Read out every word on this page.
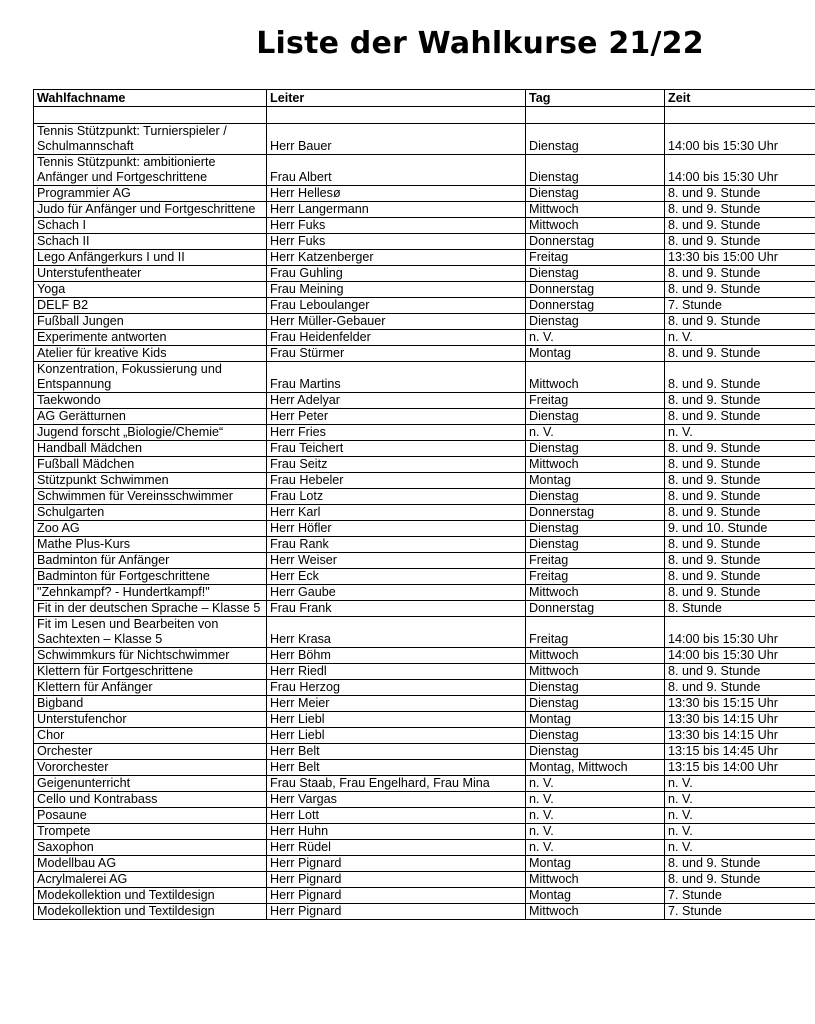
Liste der Wahlkurse 21/22
Wahlfachname	Leiter	Tag	Zeit

Tennis Stützpunkt: Turnierspieler / Schulmannschaft	Herr Bauer	Dienstag	14:00 bis 15:30 Uhr
Tennis Stützpunkt: ambitionierte Anfänger und Fortgeschrittene	Frau Albert	Dienstag	14:00 bis 15:30 Uhr
Programmier AG	Herr Hellesø	Dienstag	8. und 9. Stunde
Judo für Anfänger und Fortgeschrittene	Herr Langermann	Mittwoch	8. und 9. Stunde
Schach I	Herr Fuks	Mittwoch	8. und 9. Stunde
Schach II	Herr Fuks	Donnerstag	8. und 9. Stunde
Lego Anfängerkurs I und II	Herr Katzenberger	Freitag	13:30 bis 15:00 Uhr
Unterstufentheater	Frau Guhling	Dienstag	8. und 9. Stunde
Yoga	Frau Meining	Donnerstag	8. und 9. Stunde
DELF B2	Frau Leboulanger	Donnerstag	7. Stunde
Fußball Jungen	Herr Müller-Gebauer	Dienstag	8. und 9. Stunde
Experimente antworten	Frau Heidenfelder	n. V.	n. V.
Atelier für kreative Kids	Frau Stürmer	Montag	8. und 9. Stunde
Konzentration, Fokussierung und Entspannung	Frau Martins	Mittwoch	8. und 9. Stunde
Taekwondo	Herr Adelyar	Freitag	8. und 9. Stunde
AG Gerätturnen	Herr Peter	Dienstag	8. und 9. Stunde
Jugend forscht „Biologie/Chemie“	Herr Fries	n. V.	n. V.
Handball Mädchen	Frau Teichert	Dienstag	8. und 9. Stunde
Fußball Mädchen	Frau Seitz	Mittwoch	8. und 9. Stunde
Stützpunkt Schwimmen	Frau Hebeler	Montag	8. und 9. Stunde
Schwimmen für Vereinsschwimmer	Frau Lotz	Dienstag	8. und 9. Stunde
Schulgarten	Herr Karl	Donnerstag	8. und 9. Stunde
Zoo AG	Herr Höfler	Dienstag	9. und 10. Stunde
Mathe Plus-Kurs	Frau Rank	Dienstag	8. und 9. Stunde
Badminton für Anfänger	Herr Weiser	Freitag	8. und 9. Stunde
Badminton für Fortgeschrittene	Herr Eck	Freitag	8. und 9. Stunde
"Zehnkampf? - Hundertkampf!"	Herr Gaube	Mittwoch	8. und 9. Stunde
Fit in der deutschen Sprache – Klasse 5	Frau Frank	Donnerstag	8. Stunde
Fit im Lesen und Bearbeiten von Sachtexten – Klasse 5	Herr Krasa	Freitag	14:00 bis 15:30 Uhr
Schwimmkurs für Nichtschwimmer	Herr Böhm	Mittwoch	14:00 bis 15:30 Uhr
Klettern für Fortgeschrittene	Herr Riedl	Mittwoch	8. und 9. Stunde
Klettern für Anfänger	Frau Herzog	Dienstag	8. und 9. Stunde
Bigband	Herr Meier	Dienstag	13:30 bis 15:15 Uhr
Unterstufenchor	Herr Liebl	Montag	13:30 bis 14:15 Uhr
Chor	Herr Liebl	Dienstag	13:30 bis 14:15 Uhr
Orchester	Herr Belt	Dienstag	13:15 bis 14:45 Uhr
Vororchester	Herr Belt	Montag, Mittwoch	13:15 bis 14:00 Uhr
Geigenunterricht	Frau Staab, Frau Engelhard, Frau Mina	n. V.	n. V.
Cello und Kontrabass	Herr Vargas	n. V.	n. V.
Posaune	Herr Lott	n. V.	n. V.
Trompete	Herr Huhn	n. V.	n. V.
Saxophon	Herr Rüdel	n. V.	n. V.
Modellbau AG	Herr Pignard	Montag	8. und 9. Stunde
Acrylmalerei AG	Herr Pignard	Mittwoch	8. und 9. Stunde
Modekollektion und Textildesign	Herr Pignard	Montag	7. Stunde
Modekollektion und Textildesign	Herr Pignard	Mittwoch	7. Stunde
